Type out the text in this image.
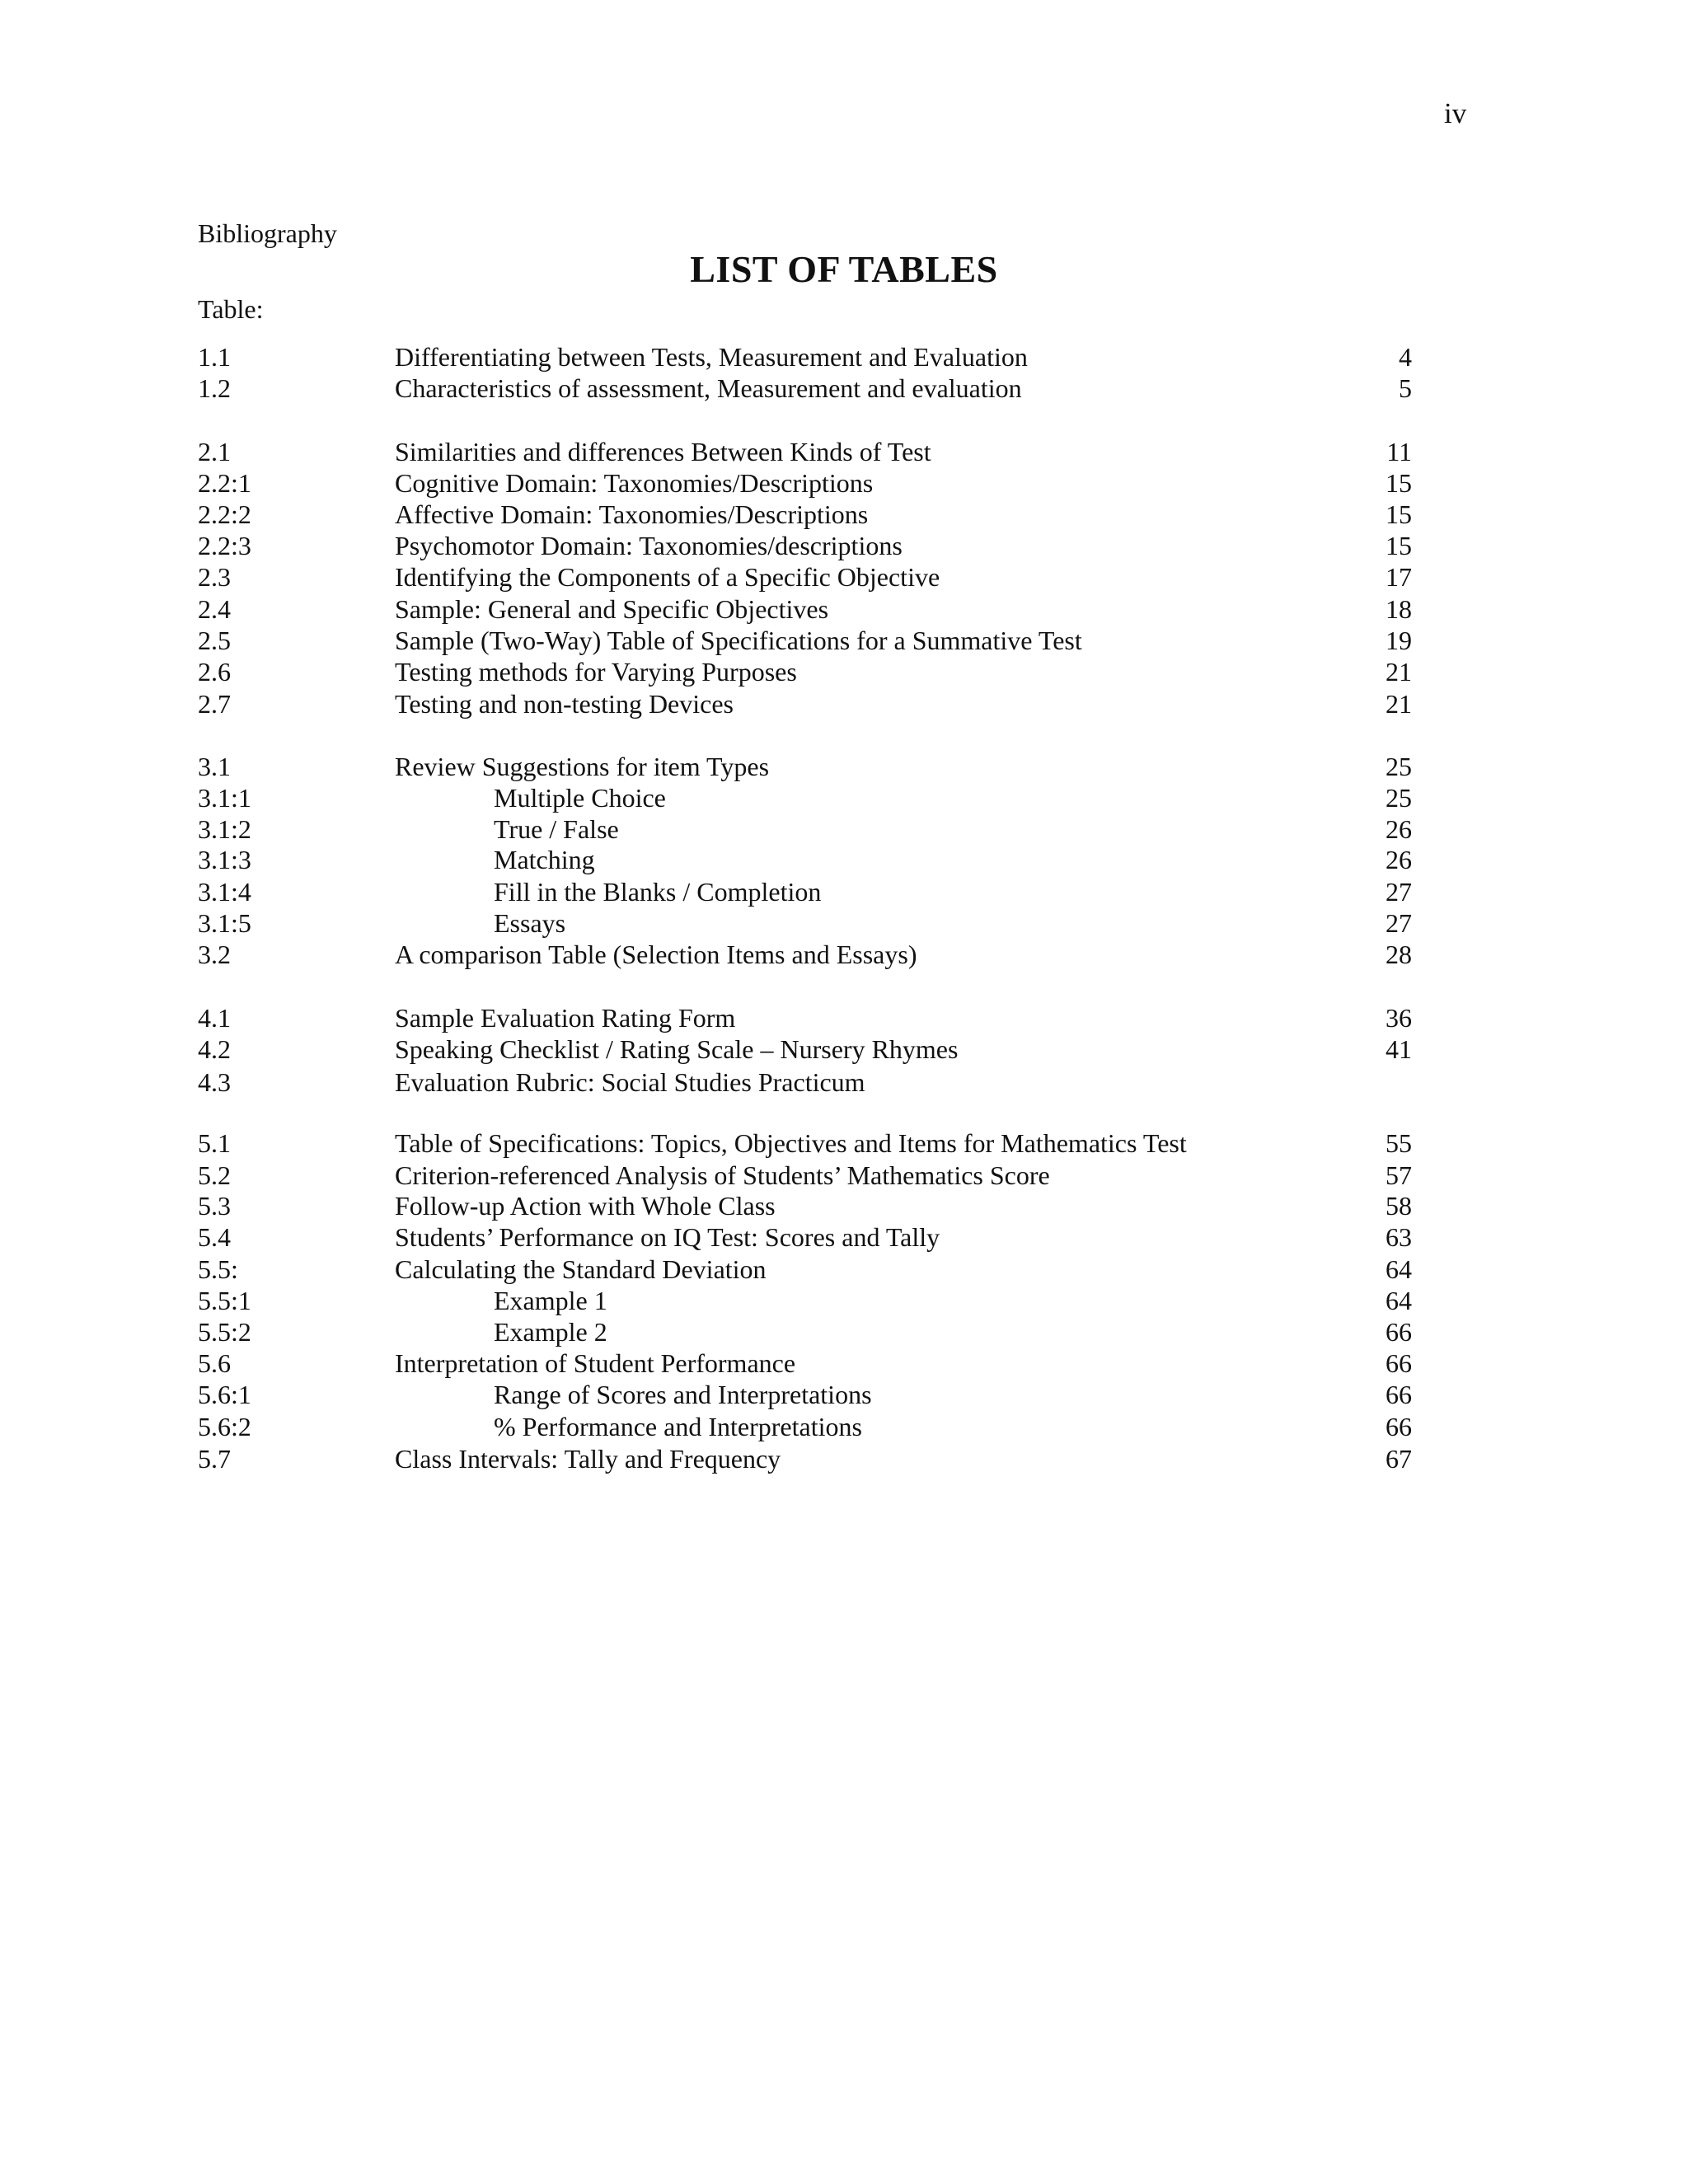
iv
Bibliography
LIST OF TABLES
Table:
1.1	Differentiating between Tests, Measurement and Evaluation	4
1.2	Characteristics of assessment, Measurement and evaluation	5
2.1	Similarities and differences Between Kinds of Test	11
2.2:1	Cognitive Domain: Taxonomies/Descriptions	15
2.2:2	Affective Domain: Taxonomies/Descriptions	15
2.2:3	Psychomotor Domain: Taxonomies/descriptions	15
2.3	Identifying the Components of a Specific Objective	17
2.4	Sample: General and Specific Objectives	18
2.5	Sample (Two-Way) Table of Specifications for a Summative Test	19
2.6	Testing methods for Varying Purposes	21
2.7	Testing and non-testing Devices	21
3.1	Review Suggestions for item Types	25
3.1:1	Multiple Choice	25
3.1:2	True / False	26
3.1:3	Matching	26
3.1:4	Fill in the Blanks / Completion	27
3.1:5	Essays	27
3.2	A comparison Table (Selection Items and Essays)	28
4.1	Sample Evaluation Rating Form	36
4.2	Speaking Checklist / Rating Scale – Nursery Rhymes	41
4.3	Evaluation Rubric: Social Studies Practicum
5.1	Table of Specifications: Topics, Objectives and Items for Mathematics Test	55
5.2	Criterion-referenced Analysis of Students’ Mathematics Score	57
5.3	Follow-up Action with Whole Class	58
5.4	Students’ Performance on IQ Test: Scores and Tally	63
5.5:	Calculating the Standard Deviation	64
5.5:1	Example 1	64
5.5:2	Example 2	66
5.6	Interpretation of Student Performance	66
5.6:1	Range of Scores and Interpretations	66
5.6:2	% Performance and Interpretations	66
5.7	Class Intervals: Tally and Frequency	67
